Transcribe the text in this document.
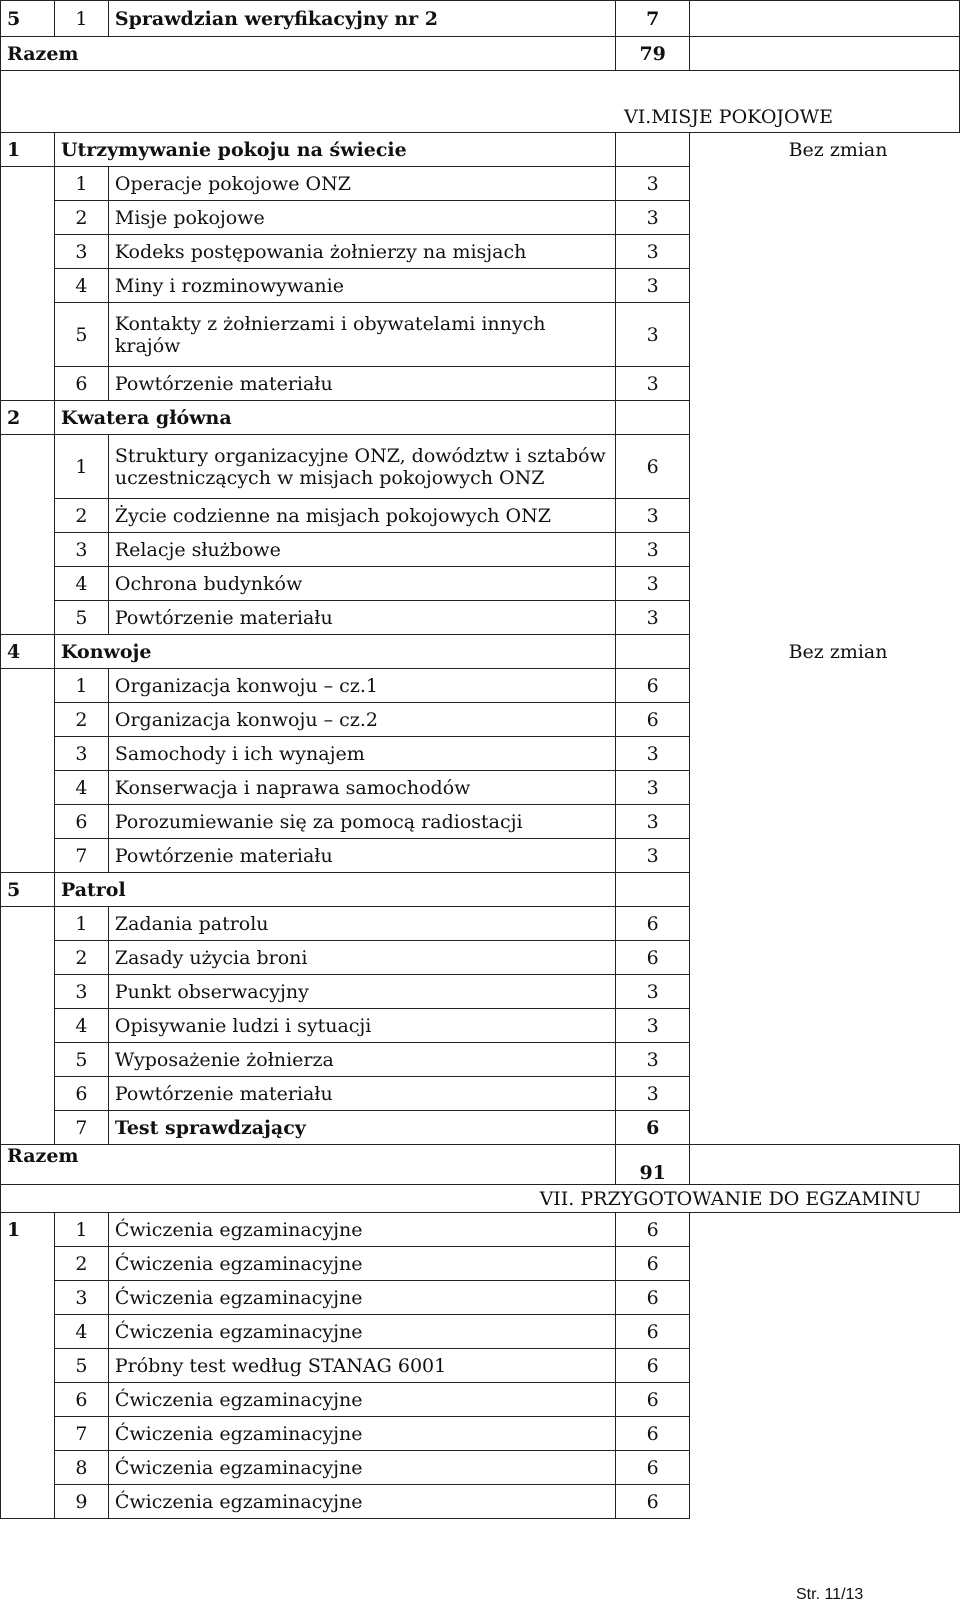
5	1	Sprawdzian weryfikacyjny nr 2	7	
Razem			79	
VI.MISJE POKOJOWE				
1	Utrzymywanie pokoju na świecie			Bez zmian
	1	Operacje pokojowe ONZ	3	
	2	Misje pokojowe	3	
	3	Kodeks postępowania żołnierzy na misjach	3	
	4	Miny i rozminowywanie	3	
	5	Kontakty z żołnierzami i obywatelami innych krajów	3	
	6	Powtórzenie materiału	3	
2	Kwatera główna			
	1	Struktury organizacyjne ONZ, dowództw i sztabów uczestniczących w misjach pokojowych ONZ	6	
	2	Życie codzienne na misjach pokojowych ONZ	3	
	3	Relacje służbowe	3	
	4	Ochrona budynków	3	
	5	Powtórzenie materiału	3	
4	Konwoje			Bez zmian
	1	Organizacja konwoju – cz.1	6	
	2	Organizacja konwoju – cz.2	6	
	3	Samochody i ich wynajem	3	
	4	Konserwacja i naprawa samochodów	3	
	6	Porozumiewanie się za pomocą radiostacji	3	
	7	Powtórzenie materiału	3	
5	Patrol			
	1	Zadania patrolu	6	
	2	Zasady użycia broni	6	
	3	Punkt obserwacyjny	3	
	4	Opisywanie ludzi i sytuacji	3	
	5	Wyposażenie żołnierza	3	
	6	Powtórzenie materiału	3	
	7	Test sprawdzający	6	
Razem			91	
VII. PRZYGOTOWANIE DO EGZAMINU				
1	1	Ćwiczenia egzaminacyjne	6	
	2	Ćwiczenia egzaminacyjne	6	
	3	Ćwiczenia egzaminacyjne	6	
	4	Ćwiczenia egzaminacyjne	6	
	5	Próbny test według STANAG 6001	6	
	6	Ćwiczenia egzaminacyjne	6	
	7	Ćwiczenia egzaminacyjne	6	
	8	Ćwiczenia egzaminacyjne	6	
	9	Ćwiczenia egzaminacyjne	6	
Str. 11/13
